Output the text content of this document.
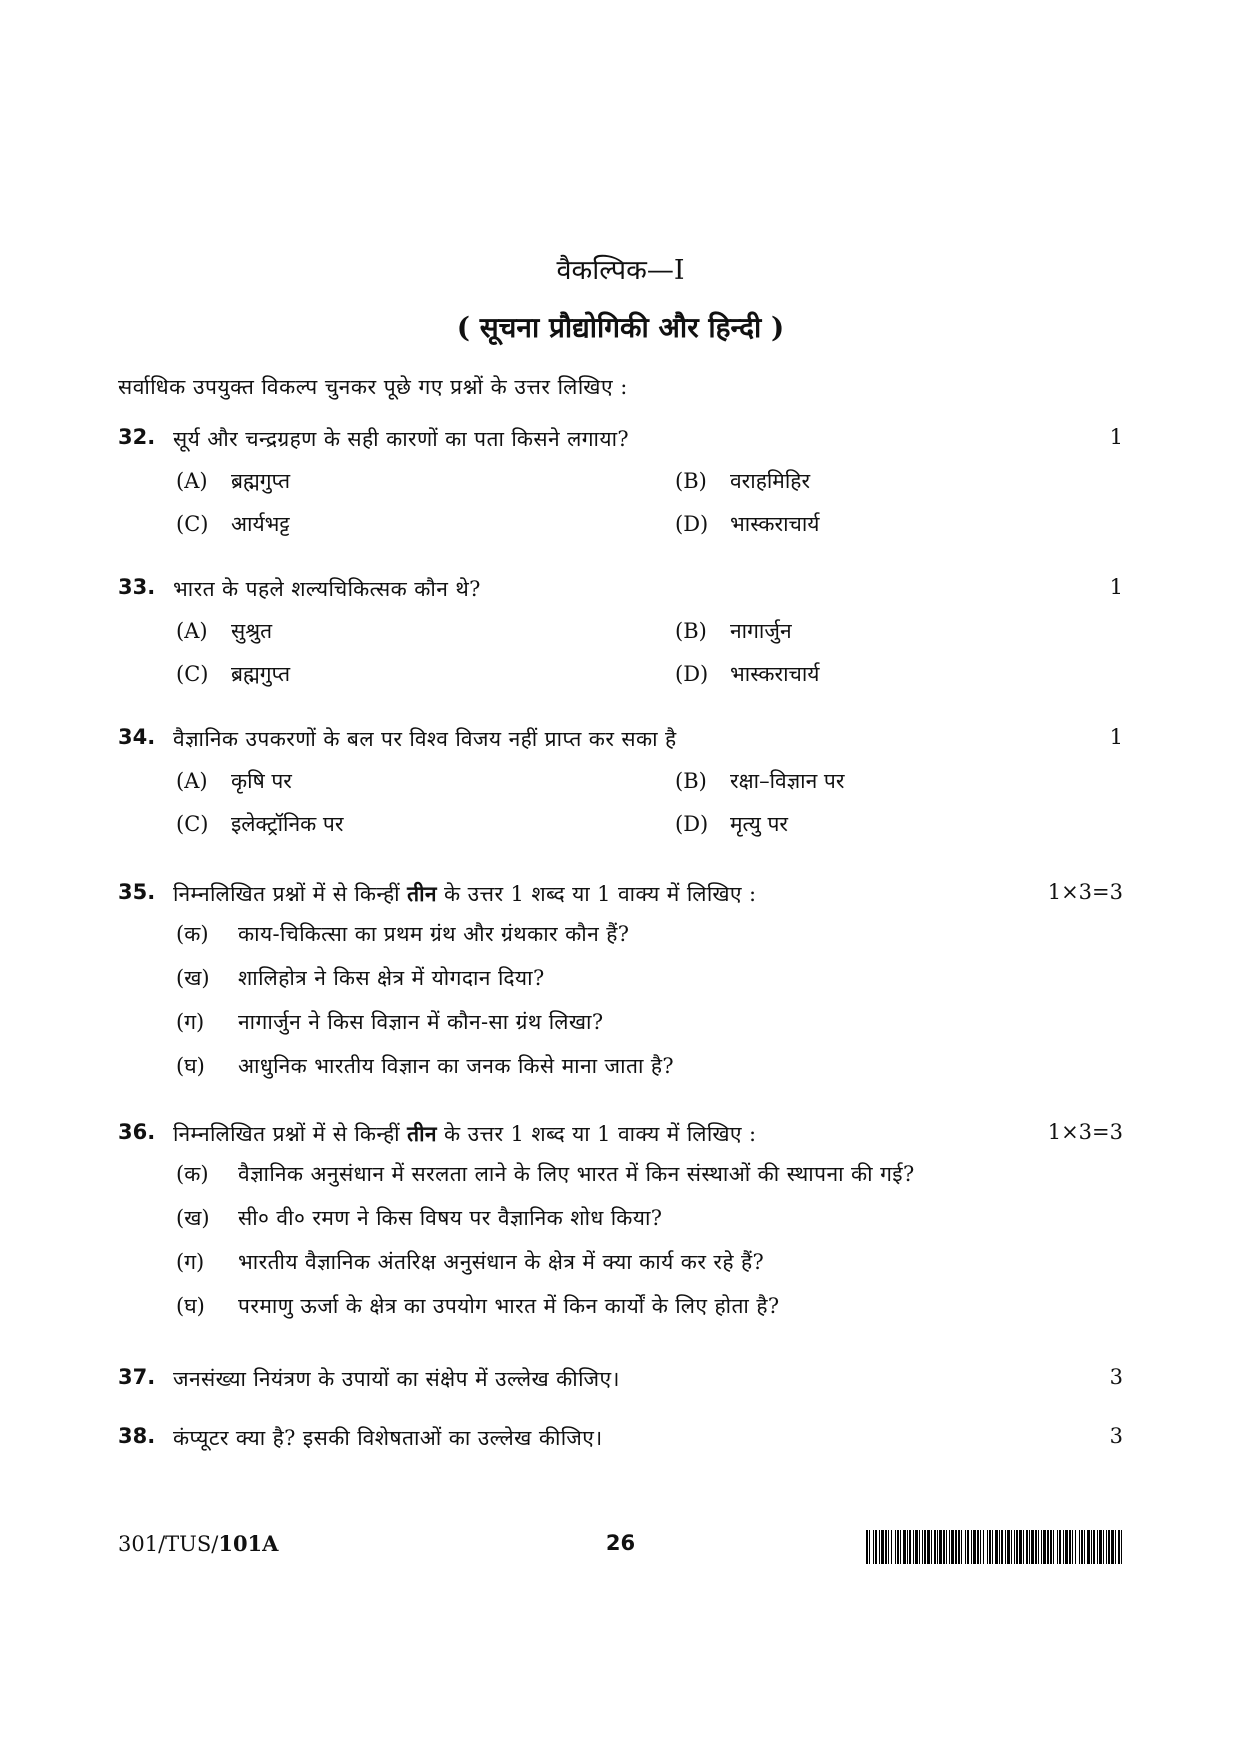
वैकल्पिक—I
( सूचना प्रौद्योगिकी और हिन्दी )
सर्वाधिक उपयुक्त विकल्प चुनकर पूछे गए प्रश्नों के उत्तर लिखिए :
32. सूर्य और चन्द्रग्रहण के सही कारणों का पता किसने लगाया?	1
(A) ब्रह्मगुप्त	(B) वराहमिहिर
(C) आर्यभट्ट	(D) भास्कराचार्य
33. भारत के पहले शल्यचिकित्सक कौन थे?	1
(A) सुश्रुत	(B) नागार्जुन
(C) ब्रह्मगुप्त	(D) भास्कराचार्य
34. वैज्ञानिक उपकरणों के बल पर विश्व विजय नहीं प्राप्त कर सका है	1
(A) कृषि पर	(B) रक्षा–विज्ञान पर
(C) इलेक्ट्रॉनिक पर	(D) मृत्यु पर
35. निम्नलिखित प्रश्नों में से किन्हीं तीन के उत्तर 1 शब्द या 1 वाक्य में लिखिए :	1×3=3
(क) काय-चिकित्सा का प्रथम ग्रंथ और ग्रंथकार कौन हैं?
(ख) शालिहोत्र ने किस क्षेत्र में योगदान दिया?
(ग) नागार्जुन ने किस विज्ञान में कौन-सा ग्रंथ लिखा?
(घ) आधुनिक भारतीय विज्ञान का जनक किसे माना जाता है?
36. निम्नलिखित प्रश्नों में से किन्हीं तीन के उत्तर 1 शब्द या 1 वाक्य में लिखिए :	1×3=3
(क) वैज्ञानिक अनुसंधान में सरलता लाने के लिए भारत में किन संस्थाओं की स्थापना की गई?
(ख) सी० वी० रमण ने किस विषय पर वैज्ञानिक शोध किया?
(ग) भारतीय वैज्ञानिक अंतरिक्ष अनुसंधान के क्षेत्र में क्या कार्य कर रहे हैं?
(घ) परमाणु ऊर्जा के क्षेत्र का उपयोग भारत में किन कार्यों के लिए होता है?
37. जनसंख्या नियंत्रण के उपायों का संक्षेप में उल्लेख कीजिए।	3
38. कंप्यूटर क्या है? इसकी विशेषताओं का उल्लेख कीजिए।	3
301/TUS/101A	26
